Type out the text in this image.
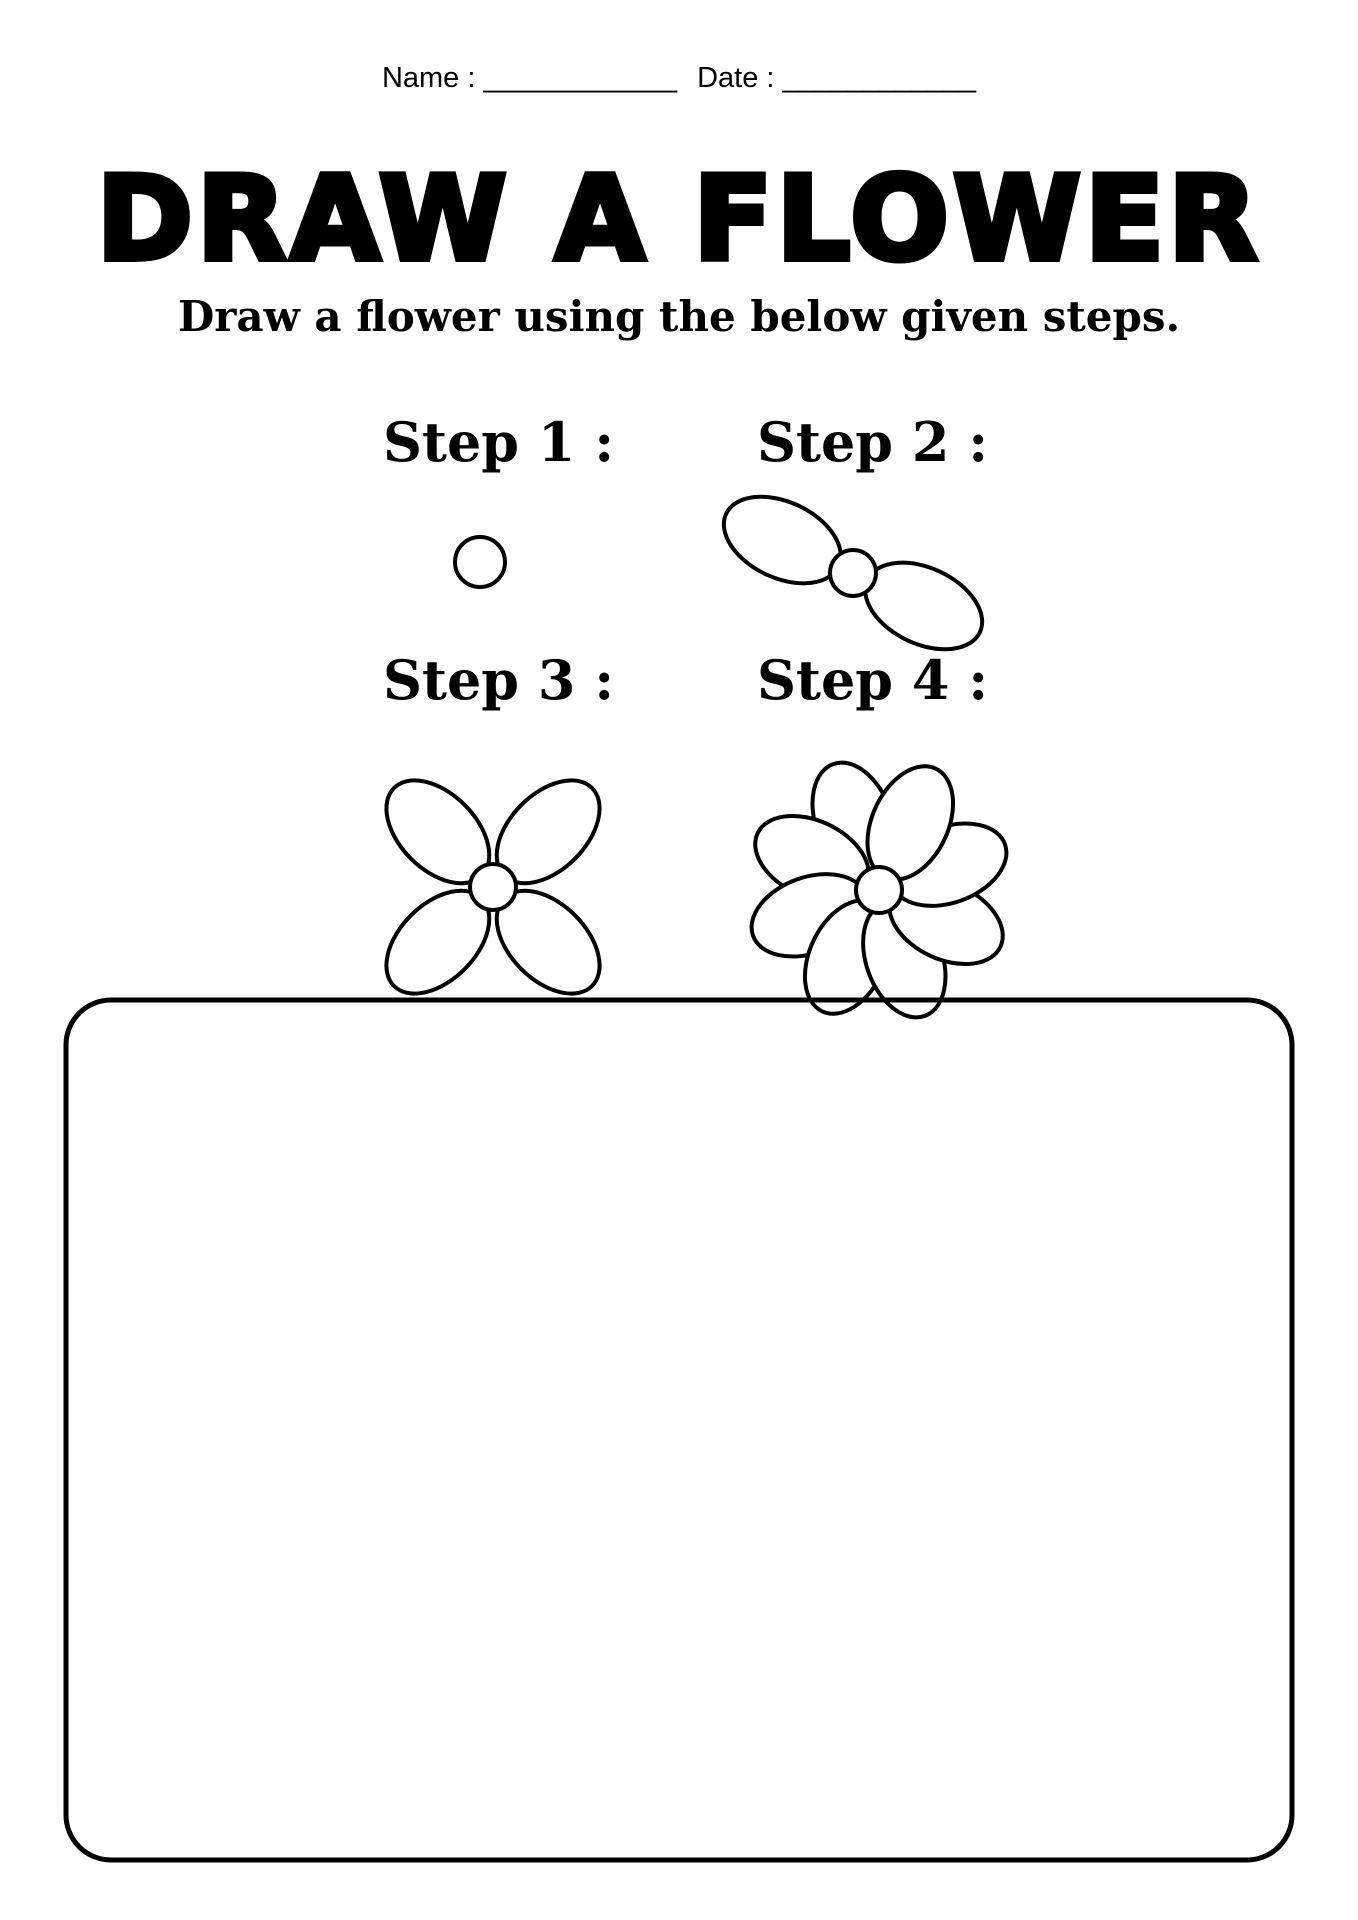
Name : ____________ Date : ____________
DRAW A FLOWER
Draw a flower using the below given steps.
Step 1 :	Step 2 :
Step 3 :	Step 4 :
